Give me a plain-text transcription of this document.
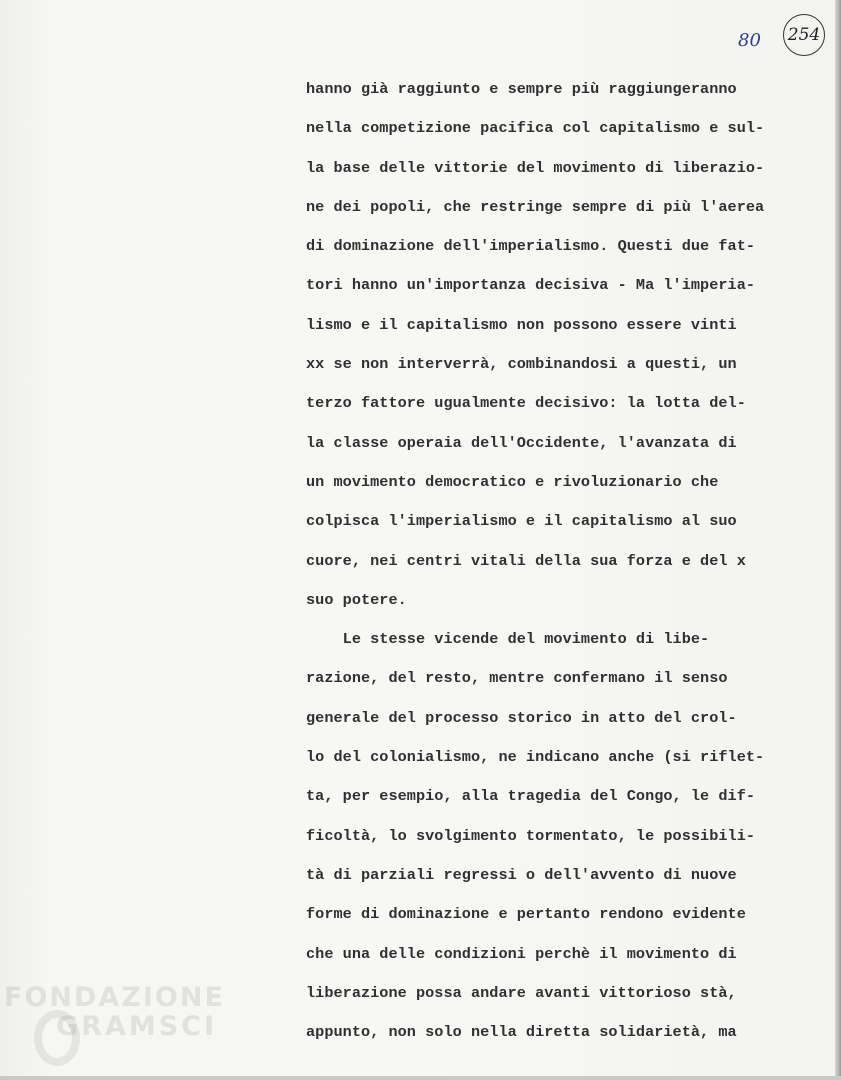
80 254
hanno già raggiunto e sempre più raggiungeranno
nella competizione pacifica col capitalismo e sul-
la base delle vittorie del movimento di liberazio-
ne dei popoli, che restringe sempre di più l'aerea
di dominazione dell'imperialismo. Questi due fat-
tori hanno un'importanza decisiva - Ma l'imperia-
lismo e il capitalismo non possono essere vinti
xx se non interverrà, combinandosi a questi, un
terzo fattore ugualmente decisivo: la lotta del-
la classe operaia dell'Occidente, l'avanzata di
un movimento democratico e rivoluzionario che
colpisca l'imperialismo e il capitalismo al suo
cuore, nei centri vitali della sua forza e del x
suo potere.
Le stesse vicende del movimento di libe-
razione, del resto, mentre confermano il senso
generale del processo storico in atto del crol-
lo del colonialismo, ne indicano anche (si riflet-
ta, per esempio, alla tragedia del Congo, le dif-
ficoltà, lo svolgimento tormentato, le possibili-
tà di parziali regressi o dell'avvento di nuove
forme di dominazione e pertanto rendono evidente
che una delle condizioni perchè il movimento di
liberazione possa andare avanti vittorioso stà,
appunto, non solo nella diretta solidarietà, ma
FONDAZIONE
GRAMSCI
